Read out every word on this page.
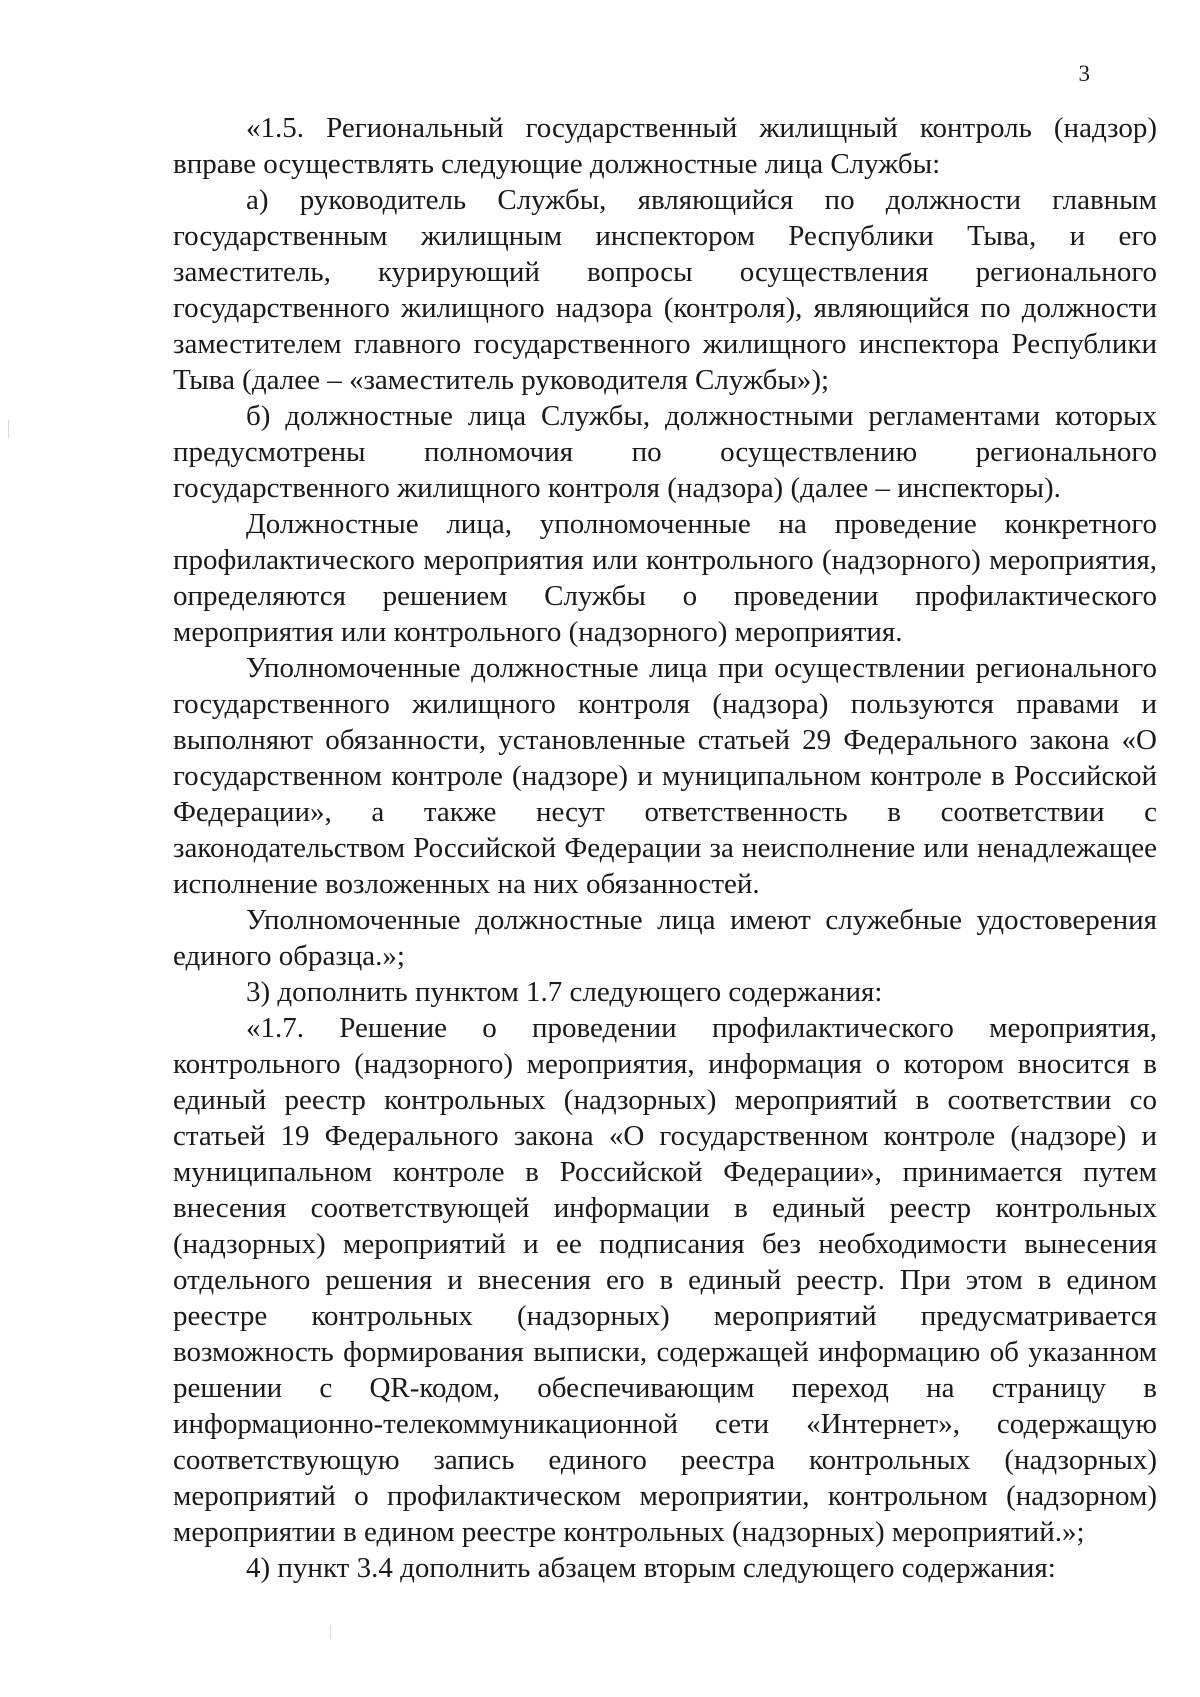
3

«1.5. Региональный государственный жилищный контроль (надзор) вправе осуществлять следующие должностные лица Службы:

а) руководитель Службы, являющийся по должности главным государственным жилищным инспектором Республики Тыва, и его заместитель, курирующий вопросы осуществления регионального государственного жилищного надзора (контроля), являющийся по должности заместителем главного государственного жилищного инспектора Республики Тыва (далее – «заместитель руководителя Службы»);

б) должностные лица Службы, должностными регламентами которых предусмотрены полномочия по осуществлению регионального государственного жилищного контроля (надзора) (далее – инспекторы).

Должностные лица, уполномоченные на проведение конкретного профилактического мероприятия или контрольного (надзорного) мероприятия, определяются решением Службы о проведении профилактического мероприятия или контрольного (надзорного) мероприятия.

Уполномоченные должностные лица при осуществлении регионального государственного жилищного контроля (надзора) пользуются правами и выполняют обязанности, установленные статьей 29 Федерального закона «О государственном контроле (надзоре) и муниципальном контроле в Российской Федерации», а также несут ответственность в соответствии с законодательством Российской Федерации за неисполнение или ненадлежащее исполнение возложенных на них обязанностей.

Уполномоченные должностные лица имеют служебные удостоверения единого образца.»;

3) дополнить пунктом 1.7 следующего содержания:

«1.7. Решение о проведении профилактического мероприятия, контрольного (надзорного) мероприятия, информация о котором вносится в единый реестр контрольных (надзорных) мероприятий в соответствии со статьей 19 Федерального закона «О государственном контроле (надзоре) и муниципальном контроле в Российской Федерации», принимается путем внесения соответствующей информации в единый реестр контрольных (надзорных) мероприятий и ее подписания без необходимости вынесения отдельного решения и внесения его в единый реестр. При этом в едином реестре контрольных (надзорных) мероприятий предусматривается возможность формирования выписки, содержащей информацию об указанном решении с QR-кодом, обеспечивающим переход на страницу в информационно-телекоммуникационной сети «Интернет», содержащую соответствующую запись единого реестра контрольных (надзорных) мероприятий о профилактическом мероприятии, контрольном (надзорном) мероприятии в едином реестре контрольных (надзорных) мероприятий.»;

4) пункт 3.4 дополнить абзацем вторым следующего содержания:
